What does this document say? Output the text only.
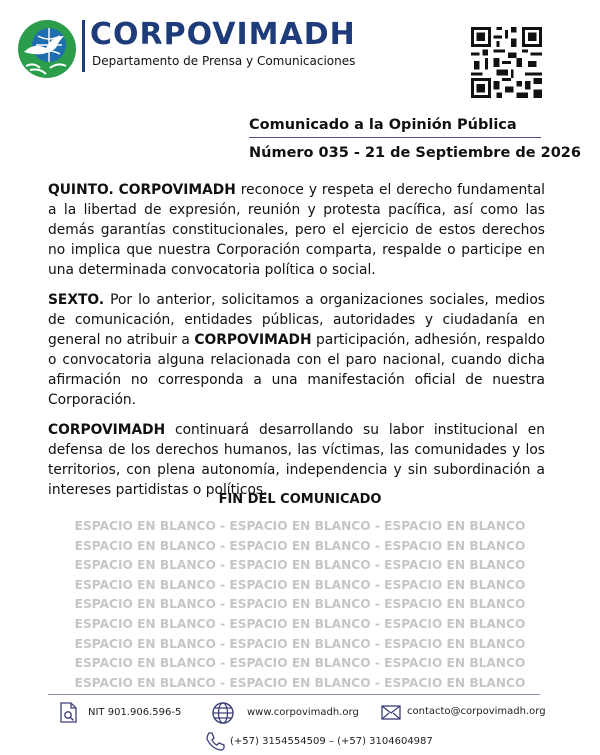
CORPOVIMADH
Departamento de Prensa y Comunicaciones
Comunicado a la Opinión Pública
Número 035 - 21 de Septiembre de 2026

QUINTO. CORPOVIMADH reconoce y respeta el derecho fundamental a la libertad de expresión, reunión y protesta pacífica, así como las demás garantías constitucionales, pero el ejercicio de estos derechos no implica que nuestra Corporación comparta, respalde o participe en una determinada convocatoria política o social.

SEXTO. Por lo anterior, solicitamos a organizaciones sociales, medios de comunicación, entidades públicas, autoridades y ciudadanía en general no atribuir a CORPOVIMADH participación, adhesión, respaldo o convocatoria alguna relacionada con el paro nacional, cuando dicha afirmación no corresponda a una manifestación oficial de nuestra Corporación.

CORPOVIMADH continuará desarrollando su labor institucional en defensa de los derechos humanos, las víctimas, las comunidades y los territorios, con plena autonomía, independencia y sin subordinación a intereses partidistas o políticos.

FIN DEL COMUNICADO
ESPACIO EN BLANCO - ESPACIO EN BLANCO - ESPACIO EN BLANCO
ESPACIO EN BLANCO - ESPACIO EN BLANCO - ESPACIO EN BLANCO
ESPACIO EN BLANCO - ESPACIO EN BLANCO - ESPACIO EN BLANCO
ESPACIO EN BLANCO - ESPACIO EN BLANCO - ESPACIO EN BLANCO
ESPACIO EN BLANCO - ESPACIO EN BLANCO - ESPACIO EN BLANCO
ESPACIO EN BLANCO - ESPACIO EN BLANCO - ESPACIO EN BLANCO
ESPACIO EN BLANCO - ESPACIO EN BLANCO - ESPACIO EN BLANCO
ESPACIO EN BLANCO - ESPACIO EN BLANCO - ESPACIO EN BLANCO
ESPACIO EN BLANCO - ESPACIO EN BLANCO - ESPACIO EN BLANCO
NIT 901.906.596-5	www.corpovimadh.org	contacto@corpovimadh.org
(+57) 3154554509 – (+57) 3104604987
